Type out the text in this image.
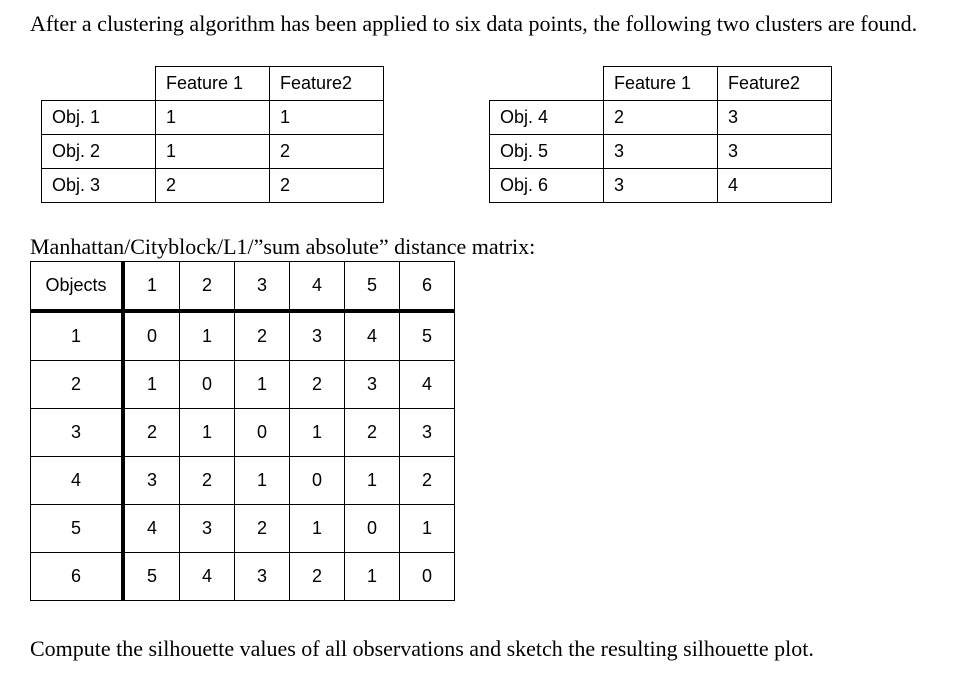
After a clustering algorithm has been applied to six data points, the following two clusters are found.
	Feature 1	Feature2
Obj. 1	1	1
Obj. 2	1	2
Obj. 3	2	2
	Feature 1	Feature2
Obj. 4	2	3
Obj. 5	3	3
Obj. 6	3	4
Manhattan/Cityblock/L1/”sum absolute” distance matrix:
Objects	1	2	3	4	5	6
1	0	1	2	3	4	5
2	1	0	1	2	3	4
3	2	1	0	1	2	3
4	3	2	1	0	1	2
5	4	3	2	1	0	1
6	5	4	3	2	1	0
Compute the silhouette values of all observations and sketch the resulting silhouette plot.
